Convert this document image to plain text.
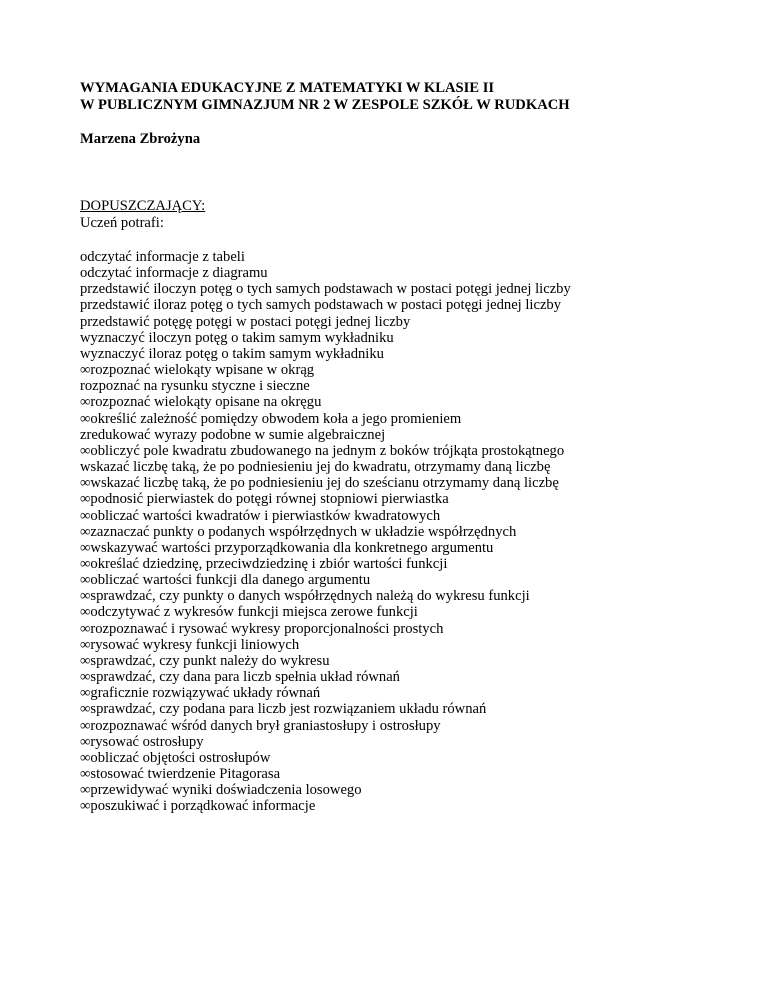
WYMAGANIA EDUKACYJNE Z MATEMATYKI W KLASIE II
W PUBLICZNYM GIMNAZJUM NR 2 W ZESPOLE SZKÓŁ W RUDKACH
Marzena Zbrożyna
DOPUSZCZAJĄCY:
Uczeń potrafi:
odczytać informacje z tabeli
odczytać informacje z diagramu
przedstawić iloczyn potęg o tych samych podstawach w postaci potęgi jednej liczby
przedstawić iloraz potęg o tych samych podstawach w postaci potęgi jednej liczby
przedstawić potęgę potęgi w postaci potęgi jednej liczby
wyznaczyć iloczyn potęg o takim samym wykładniku
wyznaczyć iloraz potęg o takim samym wykładniku
∞rozpoznać wielokąty wpisane w okrąg
rozpoznać na rysunku styczne i sieczne
∞rozpoznać wielokąty opisane na okręgu
∞określić zależność pomiędzy obwodem koła a jego promieniem
zredukować wyrazy podobne w sumie algebraicznej
∞obliczyć pole kwadratu zbudowanego na jednym z boków trójkąta prostokątnego
wskazać liczbę taką, że po podniesieniu jej do kwadratu, otrzymamy daną liczbę
∞wskazać liczbę taką, że po podniesieniu jej do sześcianu otrzymamy daną liczbę
∞podnosić pierwiastek do potęgi równej stopniowi pierwiastka
∞obliczać wartości kwadratów i pierwiastków kwadratowych
∞zaznaczać punkty o podanych współrzędnych w układzie współrzędnych
∞wskazywać wartości przyporządkowania dla konkretnego argumentu
∞określać dziedzinę, przeciwdziedzinę i zbiór wartości funkcji
∞obliczać wartości funkcji dla danego argumentu
∞sprawdzać, czy punkty o danych współrzędnych należą do wykresu funkcji
∞odczytywać z wykresów funkcji miejsca zerowe funkcji
∞rozpoznawać i rysować wykresy proporcjonalności prostych
∞rysować wykresy funkcji liniowych
∞sprawdzać, czy punkt należy do wykresu
∞sprawdzać, czy dana para liczb spełnia układ równań
∞graficznie rozwiązywać układy równań
∞sprawdzać, czy podana para liczb jest rozwiązaniem układu równań
∞rozpoznawać wśród danych brył graniastosłupy i ostrosłupy
∞rysować ostrosłupy
∞obliczać objętości ostrosłupów
∞stosować twierdzenie Pitagorasa
∞przewidywać wyniki doświadczenia losowego
∞poszukiwać i porządkować informacje
